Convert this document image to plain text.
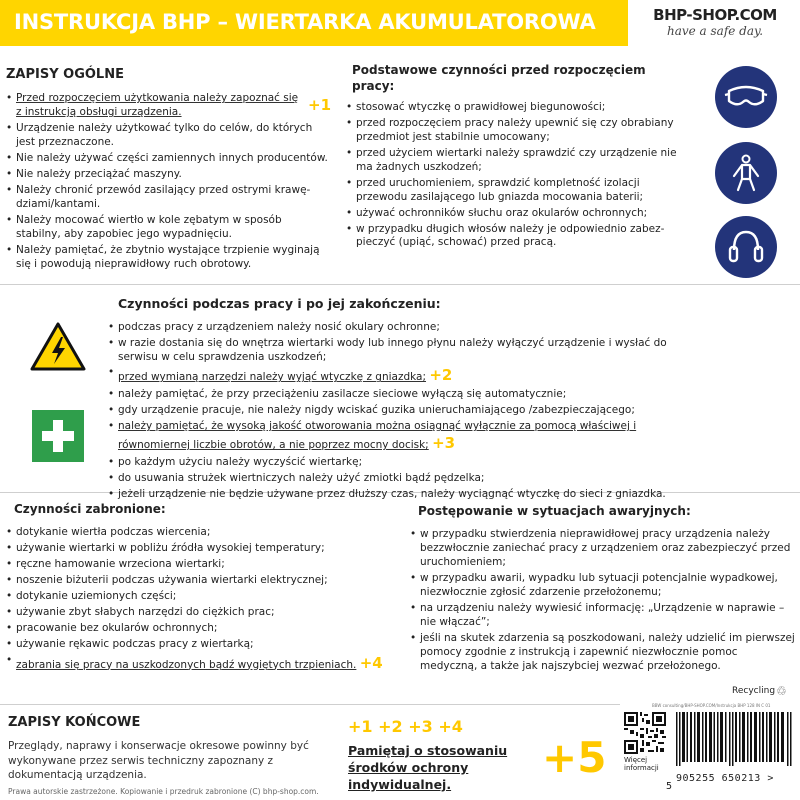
INSTRUKCJA BHP – WIERTARKA AKUMULATOROWA	BHP-SHOP.COM
have a safe day.
ZAPISY OGÓLNE
• Przed rozpoczęciem użytkowania należy zapoznać się +1

z instrukcją obsługi urządzenia.
• Urządzenie należy użytkować tylko do celów, do których jest przeznaczone.
• Nie należy używać części zamiennych innych producentów.
• Nie należy przeciążać maszyny.
• Należy chronić przewód zasilający przed ostrymi krawę-dziami/kantami.
• Należy mocować wiertło w kole zębatym w sposób stabilny, aby zapobiec jego wypadnięciu.
• Należy pamiętać, że zbytnio wystające trzpienie wyginają się i powodują nieprawidłowy ruch obrotowy.
Podstawowe czynności przed rozpoczęciem pracy:
• stosować wtyczkę o prawidłowej biegunowości;
• przed rozpoczęciem pracy należy upewnić się czy obrabiany przedmiot jest stabilnie umocowany;
• przed użyciem wiertarki należy sprawdzić czy urządzenie nie ma żadnych uszkodzeń;
• przed uruchomieniem, sprawdzić kompletność izolacji przewodu zasilającego lub gniazda mocowania baterii;
• używać ochronników słuchu oraz okularów ochronnych;
• w przypadku długich włosów należy je odpowiednio zabez-pieczyć (upiąć, schować) przed pracą.
Czynności podczas pracy i po jej zakończeniu:
• podczas pracy z urządzeniem należy nosić okulary ochronne;
• w razie dostania się do wnętrza wiertarki wody lub innego płynu należy wyłączyć urządzenie i wysłać do serwisu w celu sprawdzenia uszkodzeń;
• przed wymianą narzędzi należy wyjąć wtyczkę z gniazdka; +2
• należy pamiętać, że przy przeciążeniu zasilacze sieciowe wyłączą się automatycznie;
• gdy urządzenie pracuje, nie należy nigdy wciskać guzika unieruchamiającego /zabezpieczającego;
• należy pamiętać, że wysoką jakość otworowania można osiągnąć wyłącznie za pomocą właściwej i równomiernej liczbie obrotów, a nie poprzez mocny docisk; +3
• po każdym użyciu należy wyczyścić wiertarkę;
• do usuwania strużek wiertniczych należy użyć zmiotki bądź pędzelka;
• jeżeli urządzenie nie będzie używane przez dłuższy czas, należy wyciągnąć wtyczkę do sieci z gniazdka.
Czynności zabronione:
• dotykanie wiertła podczas wiercenia;
• używanie wiertarki w pobliżu źródła wysokiej temperatury;
• ręczne hamowanie wrzeciona wiertarki;
• noszenie biżuterii podczas używania wiertarki elektrycznej;
• dotykanie uziemionych części;
• używanie zbyt słabych narzędzi do ciężkich prac;
• pracowanie bez okularów ochronnych;
• używanie rękawic podczas pracy z wiertarką;
• zabrania się pracy na uszkodzonych bądź wygiętych trzpieniach. +4
Postępowanie w sytuacjach awaryjnych:
• w przypadku stwierdzenia nieprawidłowej pracy urządzenia należy bezzwłocznie zaniechać pracy z urządzeniem oraz zabezpieczyć przed uruchomieniem;
• w przypadku awarii, wypadku lub sytuacji potencjalnie wypadkowej, niezwłocznie zgłosić zdarzenie przełożonemu;
• na urządzeniu należy wywiesić informację: „Urządzenie w naprawie – nie włączać”;
• jeśli na skutek zdarzenia są poszkodowani, należy udzielić im pierwszej pomocy zgodnie z instrukcją i zapewnić niezwłocznie pomoc medyczną, a także jak najszybciej wezwać przełożonego.
ZAPISY KOŃCOWE

Przeglądy, naprawy i konserwacje okresowe powinny być wykonywane przez serwis techniczny zapoznany z dokumentacją urządzenia.

Prawa autorskie zastrzeżone. Kopiowanie i przedruk zabronione (C) bhp-shop.com.
+1 +2 +3 +4
Pamiętaj o stosowaniu środków ochrony indywidualnej.
+5
Recycling ♲
BBW consulting/BHP-SHOP.COM/Instrukcja BHP 128 IN C 01
Więcej informacji
5
905255 650213 >
